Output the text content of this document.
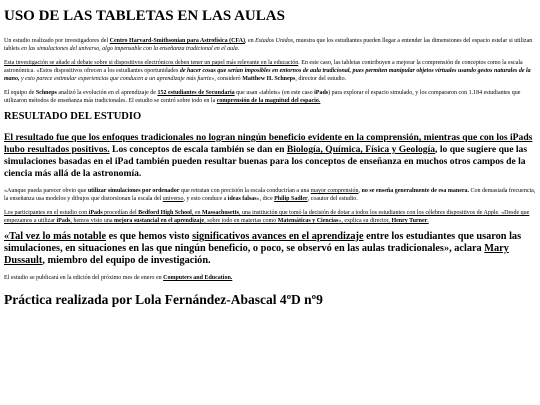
USO DE LAS TABLETAS EN LAS AULAS

Un estudio realizado por investigadores del Centro Harvard-Smithsonian para Astrofísica (CFA), en Estados Unidos, muestra que los estudiantes pueden llegar a entender las dimensiones del espacio estelar si utilizan tablets en las simulaciones del universo, algo impensable con la enseñanza tradicional en el aula.

Esta investigación se añade al debate sobre si dispositivos electrónicos deben tener un papel más relevante en la educación. En este caso, las tabletas contribuyen a mejorar la comprensión de conceptos como la escala astronómica. «Estos dispositivos ofrecen a los estudiantes oportunidades de hacer cosas que serían imposibles en entornos de aula tradicional, pues permiten manipular objetos virtuales usando gestos naturales de la mano, y esto parece estimular experiencias que conducen a un aprendizaje más fuerte», consideró Matthew H. Schneps, director del estudio.

El equipo de Schneps analizó la evolución en el aprendizaje de 152 estudiantes de Secundaria que usan «tablets» (en este caso iPads) para explorar el espacio simulado, y los compararon con 1.184 estudiantes que utilizaron métodos de enseñanza más tradicionales. El estudio se centró sobre todo en la comprensión de la magnitud del espacio.

RESULTADO DEL ESTUDIO

El resultado fue que los enfoques tradicionales no logran ningún beneficio evidente en la comprensión, mientras que con los iPads hubo resultados positivos. Los conceptos de escala también se dan en Biología, Química, Física y Geología, lo que sugiere que las simulaciones basadas en el iPad también pueden resultar buenas para los conceptos de enseñanza en muchos otros campos de la ciencia más allá de la astronomía.

«Aunque pueda parecer obvio que utilizar simulaciones por ordenador que retratan con precisión la escala conducirían a una mayor comprensión, no se enseña generalmente de esa manera. Con demasiada frecuencia, la enseñanza usa modelos y dibujos que distorsionan la escala del universo, y esto conduce a ideas falsas», dice Philip Sadler, coautor del estudio.

Los participantes en el estudio con iPads procedían del Bedford High School, en Massachusetts, una institución que tomó la decisión de dotar a todos los estudiantes con los célebres dispositivos de Apple. «Desde que empezamos a utilizar iPads, hemos visto una mejora sustancial en el aprendizaje, sobre todo en materias como Matemáticas y Ciencias», explica su director, Henry Turner.

«Tal vez lo más notable es que hemos visto significativos avances en el aprendizaje entre los estudiantes que usaron las simulaciones, en situaciones en las que ningún beneficio, o poco, se observó en las aulas tradicionales», aclara Mary Dussault, miembro del equipo de investigación.

El estudio se publicará en la edición del próximo mes de enero en Computers and Education.

Práctica realizada por Lola Fernández-Abascal 4ºD nº9
